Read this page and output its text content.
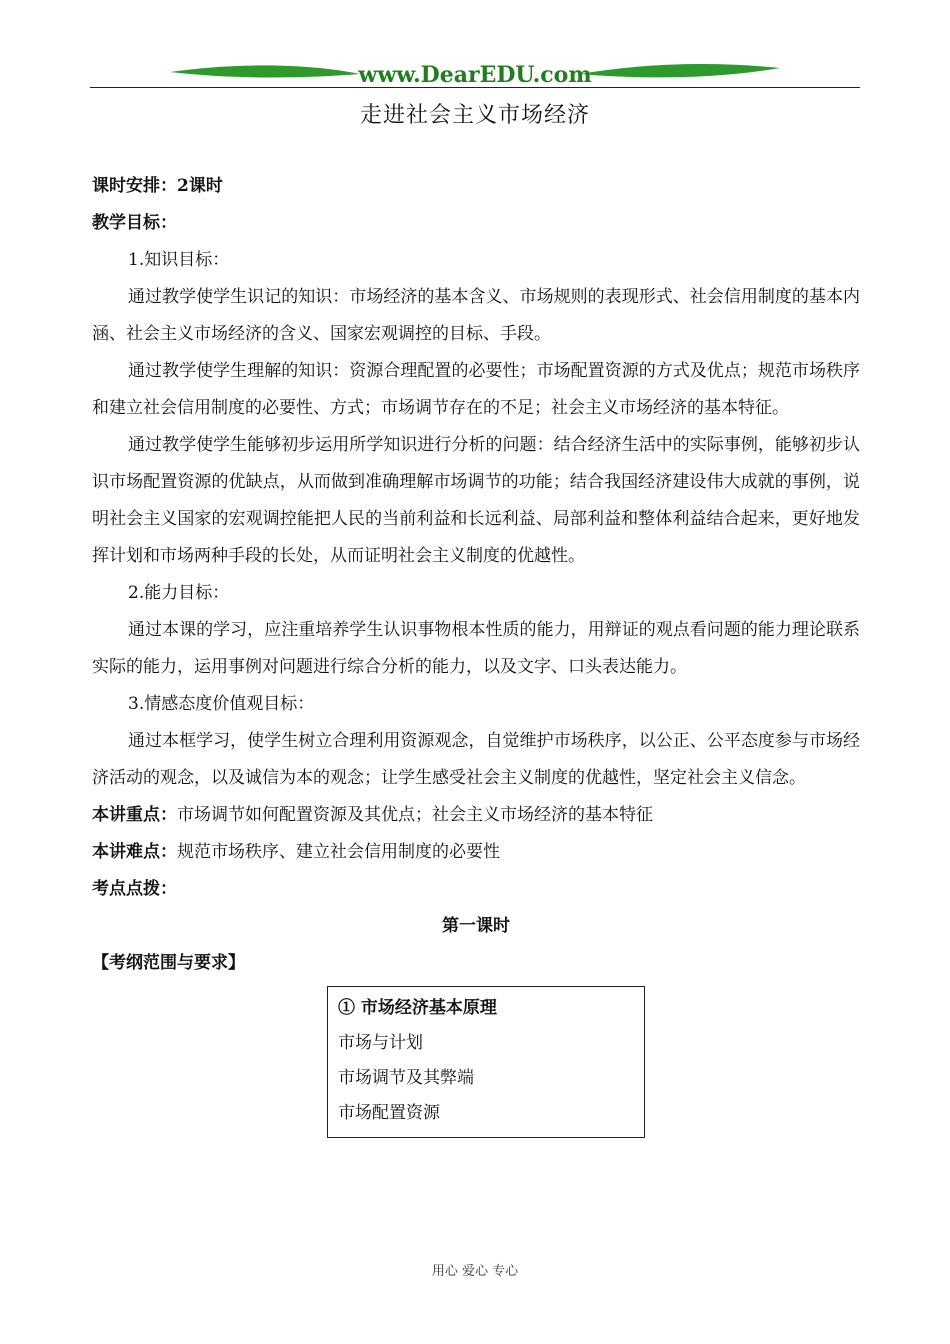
www.DearEDU.com
走进社会主义市场经济

课时安排：2课时

教学目标：

1.知识目标：

通过教学使学生识记的知识：市场经济的基本含义、市场规则的表现形式、社会信用制度的基本内涵、社会主义市场经济的含义、国家宏观调控的目标、手段。

通过教学使学生理解的知识：资源合理配置的必要性；市场配置资源的方式及优点；规范市场秩序和建立社会信用制度的必要性、方式；市场调节存在的不足；社会主义市场经济的基本特征。

通过教学使学生能够初步运用所学知识进行分析的问题：结合经济生活中的实际事例，能够初步认识市场配置资源的优缺点，从而做到准确理解市场调节的功能；结合我国经济建设伟大成就的事例，说明社会主义国家的宏观调控能把人民的当前利益和长远利益、局部利益和整体利益结合起来，更好地发挥计划和市场两种手段的长处，从而证明社会主义制度的优越性。

2.能力目标：

通过本课的学习，应注重培养学生认识事物根本性质的能力，用辩证的观点看问题的能力理论联系实际的能力，运用事例对问题进行综合分析的能力，以及文字、口头表达能力。

3.情感态度价值观目标：

通过本框学习，使学生树立合理利用资源观念，自觉维护市场秩序，以公正、公平态度参与市场经济活动的观念，以及诚信为本的观念；让学生感受社会主义制度的优越性，坚定社会主义信念。

本讲重点：市场调节如何配置资源及其优点；社会主义市场经济的基本特征

本讲难点：规范市场秩序、建立社会信用制度的必要性

考点点拨：

第一课时

【考纲范围与要求】

① 市场经济基本原理

市场与计划

市场调节及其弊端

市场配置资源

用心 爱心 专心
